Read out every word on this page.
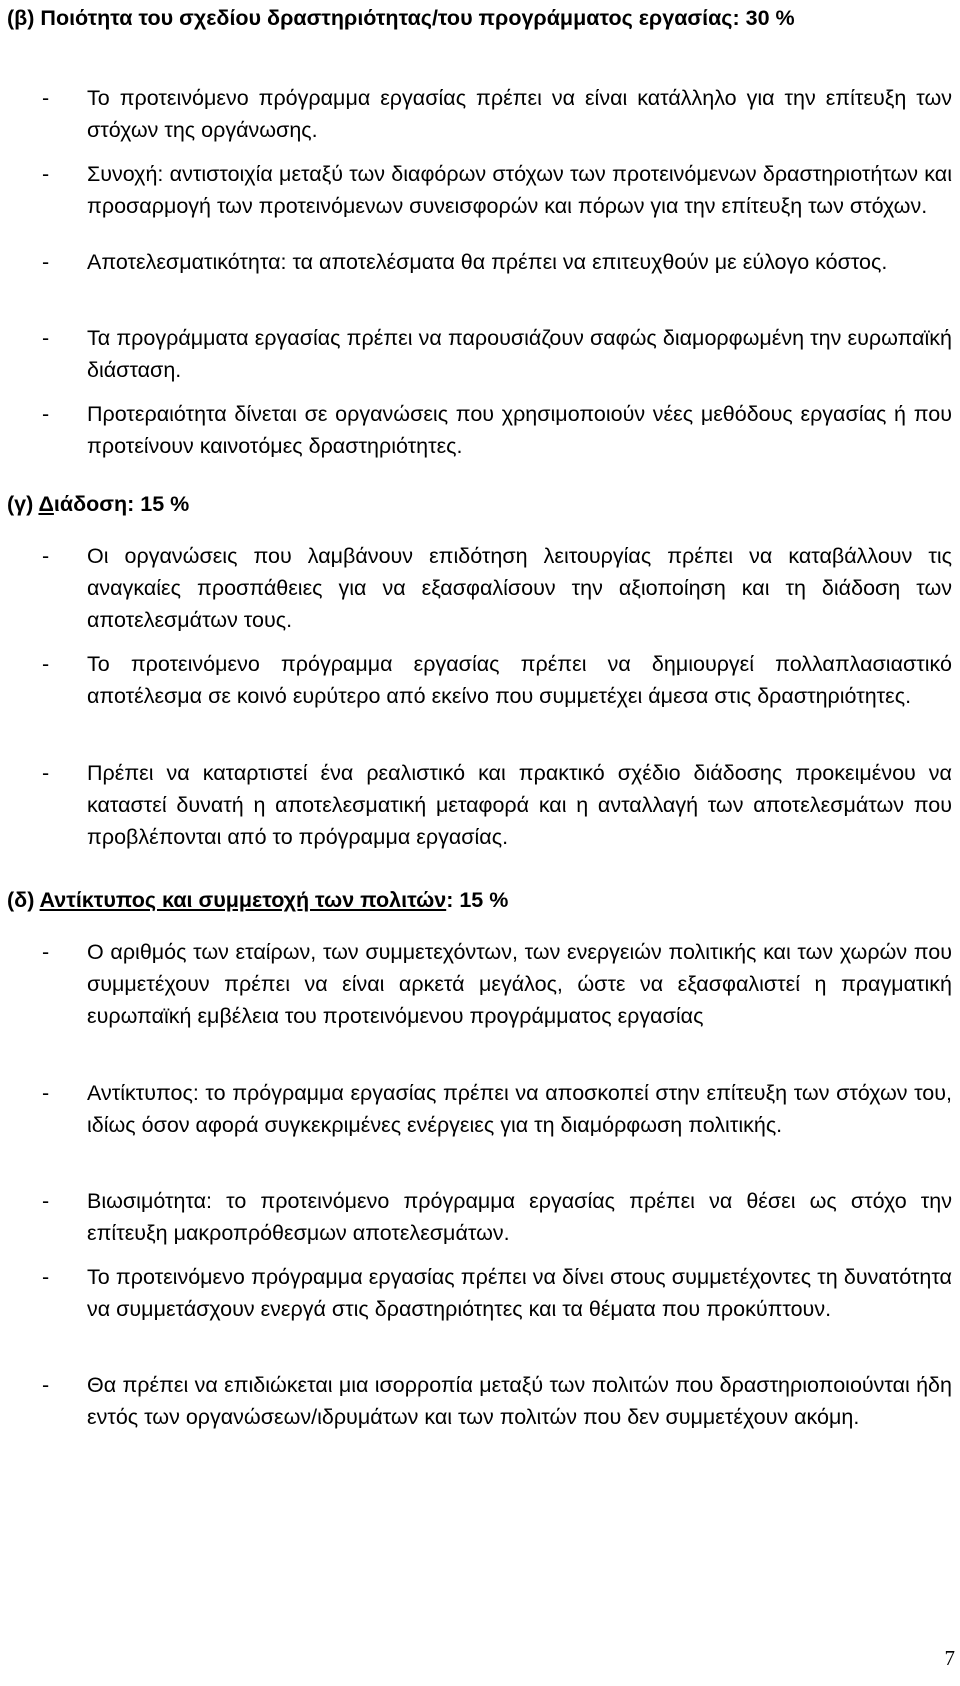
(β) Ποιότητα του σχεδίου δραστηριότητας/του προγράμματος εργασίας: 30 %

-	Το προτεινόμενο πρόγραμμα εργασίας πρέπει να είναι κατάλληλο για την επίτευξη των στόχων της οργάνωσης.

-	Συνοχή: αντιστοιχία μεταξύ των διαφόρων στόχων των προτεινόμενων δραστηριοτήτων και προσαρμογή των προτεινόμενων συνεισφορών και πόρων για την επίτευξη των στόχων.

-	Αποτελεσματικότητα: τα αποτελέσματα θα πρέπει να επιτευχθούν με εύλογο κόστος.

-	Τα προγράμματα εργασίας πρέπει να παρουσιάζουν σαφώς διαμορφωμένη την ευρωπαϊκή διάσταση.

-	Προτεραιότητα δίνεται σε οργανώσεις που χρησιμοποιούν νέες μεθόδους εργασίας ή που προτείνουν καινοτόμες δραστηριότητες.

(γ) Διάδοση: 15 %

-	Οι οργανώσεις που λαμβάνουν επιδότηση λειτουργίας πρέπει να καταβάλλουν τις αναγκαίες προσπάθειες για να εξασφαλίσουν την αξιοποίηση και τη διάδοση των αποτελεσμάτων τους.

-	Το προτεινόμενο πρόγραμμα εργασίας πρέπει να δημιουργεί πολλαπλασιαστικό αποτέλεσμα σε κοινό ευρύτερο από εκείνο που συμμετέχει άμεσα στις δραστηριότητες.

-	Πρέπει να καταρτιστεί ένα ρεαλιστικό και πρακτικό σχέδιο διάδοσης προκειμένου να καταστεί δυνατή η αποτελεσματική μεταφορά και η ανταλλαγή των αποτελεσμάτων που προβλέπονται από το πρόγραμμα εργασίας.

(δ) Αντίκτυπος και συμμετοχή των πολιτών: 15 %

-	Ο αριθμός των εταίρων, των συμμετεχόντων, των ενεργειών πολιτικής και των χωρών που συμμετέχουν πρέπει να είναι αρκετά μεγάλος, ώστε να εξασφαλιστεί η πραγματική ευρωπαϊκή εμβέλεια του προτεινόμενου προγράμματος εργασίας

-	Αντίκτυπος: το πρόγραμμα εργασίας πρέπει να αποσκοπεί στην επίτευξη των στόχων του, ιδίως όσον αφορά συγκεκριμένες ενέργειες για τη διαμόρφωση πολιτικής.

-	Βιωσιμότητα: το προτεινόμενο πρόγραμμα εργασίας πρέπει να θέσει ως στόχο την επίτευξη μακροπρόθεσμων αποτελεσμάτων.

-	Το προτεινόμενο πρόγραμμα εργασίας πρέπει να δίνει στους συμμετέχοντες τη δυνατότητα να συμμετάσχουν ενεργά στις δραστηριότητες και τα θέματα που προκύπτουν.

-	Θα πρέπει να επιδιώκεται μια ισορροπία μεταξύ των πολιτών που δραστηριοποιούνται ήδη εντός των οργανώσεων/ιδρυμάτων και των πολιτών που δεν συμμετέχουν ακόμη.

7
